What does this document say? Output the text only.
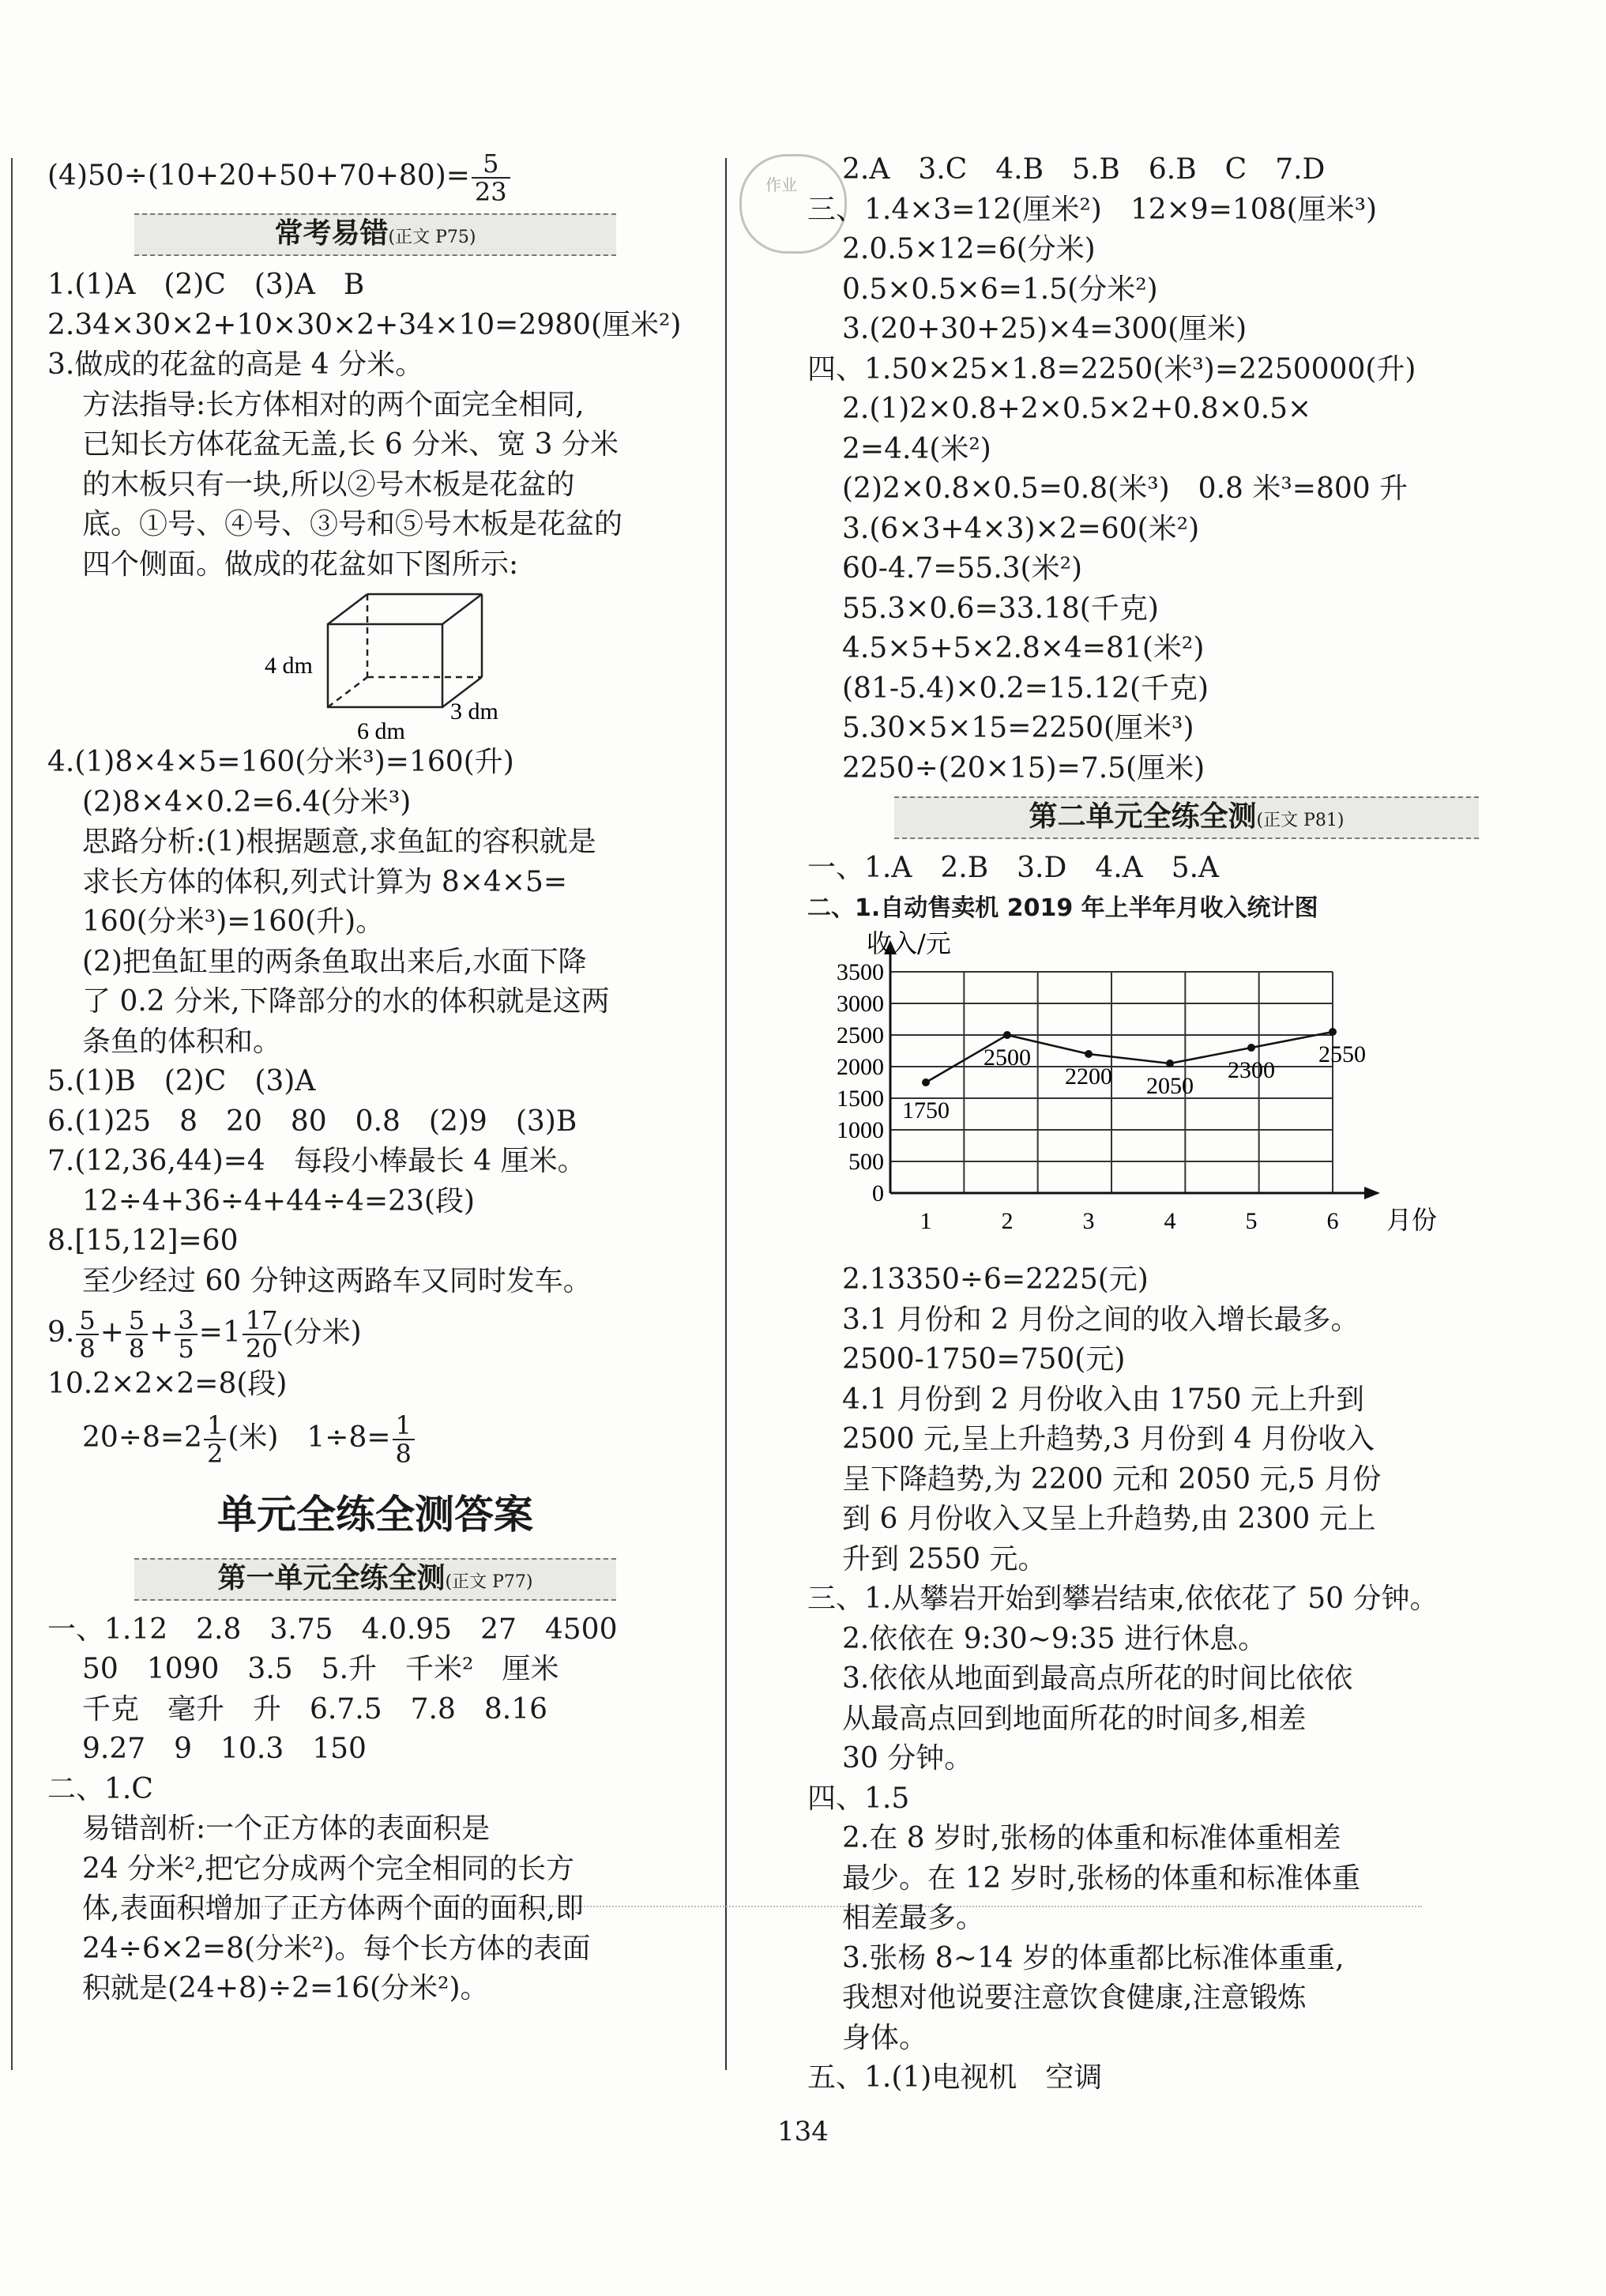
作业
$(4)50\div(10+20+50+70+80)= \frac{5}{23}$
常考易错(正文 P75)
1.(1)A　(2)C　(3)A　B
2.34×30×2+10×30×2+34×10=2980(厘米²)
3.做成的花盆的高是 4 分米。
方法指导:长方体相对的两个面完全相同,
已知长方体花盆无盖,长 6 分米、宽 3 分米
的木板只有一块,所以②号木板是花盆的
底。①号、④号、③号和⑤号木板是花盆的
四个侧面。做成的花盆如下图所示:
4 dm
6 dm
3 dm
4.(1)8×4×5=160(分米³)=160(升)
(2)8×4×0.2=6.4(分米³)
思路分析:(1)根据题意,求鱼缸的容积就是
求长方体的体积,列式计算为 8×4×5=
160(分米³)=160(升)。
(2)把鱼缸里的两条鱼取出来后,水面下降
了 0.2 分米,下降部分的水的体积就是这两
条鱼的体积和。
5.(1)B　(2)C　(3)A
6.(1)25　8　20　80　0.8　(2)9　(3)B
7.(12,36,44)=4　每段小棒最长 4 厘米。
12÷4+36÷4+44÷4=23(段)
8.[15,12]=60
至少经过 60 分钟这两路车又同时发车。
9. $\frac{5}{8} + \frac{5}{8} + \frac{3}{5} =1 \frac{17}{20}$ (分米)
10.2×2×2=8(段)
$20\div 8=2 \frac{1}{2}$ (米)　$1\div 8= \frac{1}{8}$
单元全练全测答案
第一单元全练全测(正文 P77)
一、1.12　2.8　3.75　4.0.95　27　4500
50　1090　3.5　5.升　千米²　厘米
千克　毫升　升　6.7.5　7.8　8.16
9.27　9　10.3　150
二、1.C
易错剖析:一个正方体的表面积是
24 分米²,把它分成两个完全相同的长方
体,表面积增加了正方体两个面的面积,即
24÷6×2=8(分米²)。每个长方体的表面
积就是(24+8)÷2=16(分米²)。
2.A　3.C　4.B　5.B　6.B　C　7.D
三、1.4×3=12(厘米²)　12×9=108(厘米³)
2.0.5×12=6(分米)
0.5×0.5×6=1.5(分米²)
3.(20+30+25)×4=300(厘米)
四、1.50×25×1.8=2250(米³)=2250000(升)
2.(1)2×0.8+2×0.5×2+0.8×0.5×
2=4.4(米²)
(2)2×0.8×0.5=0.8(米³)　0.8 米³=800 升
3.(6×3+4×3)×2=60(米²)
60-4.7=55.3(米²)
55.3×0.6=33.18(千克)
4.5×5+5×2.8×4=81(米²)
(81-5.4)×0.2=15.12(千克)
5.30×5×15=2250(厘米³)
2250÷(20×15)=7.5(厘米)
第二单元全练全测(正文 P81)
一、1.A　2.B　3.D　4.A　5.A
二、1.自动售卖机 2019 年上半年月收入统计图
0
500
1000
1500
2000
2500
3000
3500
收入/元
月份
1	2	3	4	5	6
1750
2500
2200 2050
2300
2550
2.13350÷6=2225(元)
3.1 月份和 2 月份之间的收入增长最多。
2500-1750=750(元)
4.1 月份到 2 月份收入由 1750 元上升到
2500 元,呈上升趋势,3 月份到 4 月份收入
呈下降趋势,为 2200 元和 2050 元,5 月份
到 6 月份收入又呈上升趋势,由 2300 元上
升到 2550 元。
三、1.从攀岩开始到攀岩结束,依依花了 50 分钟。
2.依依在 9:30~9:35 进行休息。
3.依依从地面到最高点所花的时间比依依
从最高点回到地面所花的时间多,相差
30 分钟。
四、1.5
2.在 8 岁时,张杨的体重和标准体重相差
最少。在 12 岁时,张杨的体重和标准体重
相差最多。
3.张杨 8~14 岁的体重都比标准体重重,
我想对他说要注意饮食健康,注意锻炼
身体。
五、1.(1)电视机　空调
134
